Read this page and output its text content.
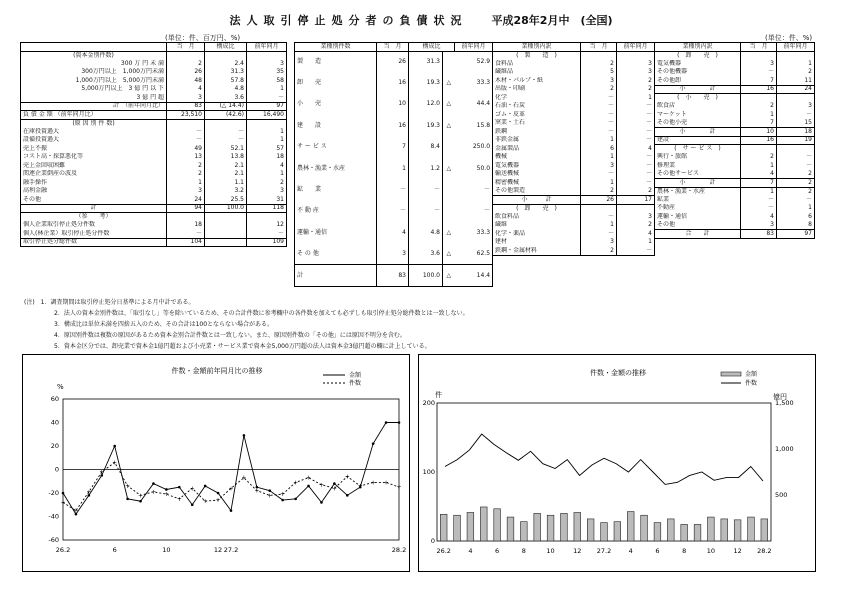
法人取引停止処分者の負債状況 平成28年2月中　(全国)
(単位：件、百万円、%)	(単位：件、%)
	当　月	構成比	前年同月
(資本金別件数)			
300 万 円 未 満	2	2.4	3
300万円以上　1,000万円未満	26	31.3	35
1,000万円以上　5,000万円未満	48	57.8	58
5,000万円以上　3 億 円 以 下	4	4.8	1
3 億 円 超	3	3.6	－
計　（前年同月比）	83	(△ 14.4)	97
負 債 金 額 （前年同月比）	23,510	(42.6)	16,490
(原 因 別 件 数)			
在庫投資過大	－	－	1
設備投資過大	－	－	1
売上不振	49	52.1	57
コスト高・採算悪化等	13	13.8	18
売上金回収困難	2	2.1	4
関連企業倒産の波及	2	2.1	1
融手操作	1	1.1	2
高利金融	3	3.2	3
その他	24	25.5	31
計	94	100.0	118
（参　　考）			
個人企業取引停止処分件数	18		12
個人(林企業）取引停止処分件数	－		－
取引停止処分総件数	104		109
業種別件数	当　月	構成比		前年同月
製　　造	26	31.3		52.9
卸　　売	16	19.3	△	33.3
小　　売	10	12.0	△	44.4
建　　設	16	19.3	△	15.8
サ ー ビ ス	7	8.4		250.0
農林・漁業・水産	1	1.2	△	50.0
鉱　　業	－	－		－
不 動 産	－	－		－
運輸・通信	4	4.8	△	33.3
そ の 他	3	3.6	△	62.5
計	83	100.0	△	14.4
業種別内訳	当　月	前年同月
(　製　　造　)		
食料品	2	3
繊維品	5	3
木材・パルプ・紙	3	2
出版・印刷	2	2
化学	－	1
石油・石炭	－	－
ゴム・皮革	－	－
窯業・土石	－	－
鉄鋼	－	－
非鉄金属	1	－
金属製品	6	4
機械	1	－
電気機器	3	－
輸送機械	－	－
精密機械	1	－
その他製造	2	2
小　　　計	26	17
(　卸　　売　)		
飲食料品	－	3
繊維	1	2
化学・薬品	－	4
建材	3	1
鉄鋼・金属材料	2	－
業種別内訳	当　月	前年同月
(　卸　　売　)		
電気機器	3	1
その他機器	－	2
その他卸	7	11
小　　　　計	16	24
(　小　　売　)		
飲食店	2	3
マーケット	1	－
その他小売	7	15
小　　　　計	10	18
建設	16	19
(　サ ー ビ ス　)		
興行・旅館	2	－
修理業	1	－
その他サービス	4	2
小　　　　計	7	2
農林・漁業・水産	1	2
鉱業	－	－
不動産	－	1
運輸・通信	4	6
その他	3	8
合　　計	83	97
(注)　1．調査期間は取引停止処分日基準による月中計である。
2．法人の資本金別件数は、「取引なし」等を除いているため、その合計件数に参考欄中の各件数を加えても必ずしも取引停止処分総件数とは一致しない。
3．構成比は単位未満を四捨五入のため、その合計は100とならない場合がある。
4．原因別件数は複数の原因があるため資本金別合計件数とは一致しない。また、原因別件数の「その他」には原因不明分を含む。
5．資本金区分では、卸売業で資本金1億円超および小売業・サービス業で資本金5,000万円超の法人は資本金3億円超の欄に計上している。
件数・金額前年同月比の推移
%
-60
-40
-20
0
20
40
60
26.2	6	10	12 27.2	28.2
金額
+
+
+
+
+
+
+
+ +
+
+
+ +
+
+
+
+ +
+
+
+
+
+
+
+ +
+
件数
件数・金額の推移
件	億円
0
100
200
500
1,000
1,500
26.2	4	6	8	10	12 27.2	4	6	8	10	12 28.2
金額
件数
